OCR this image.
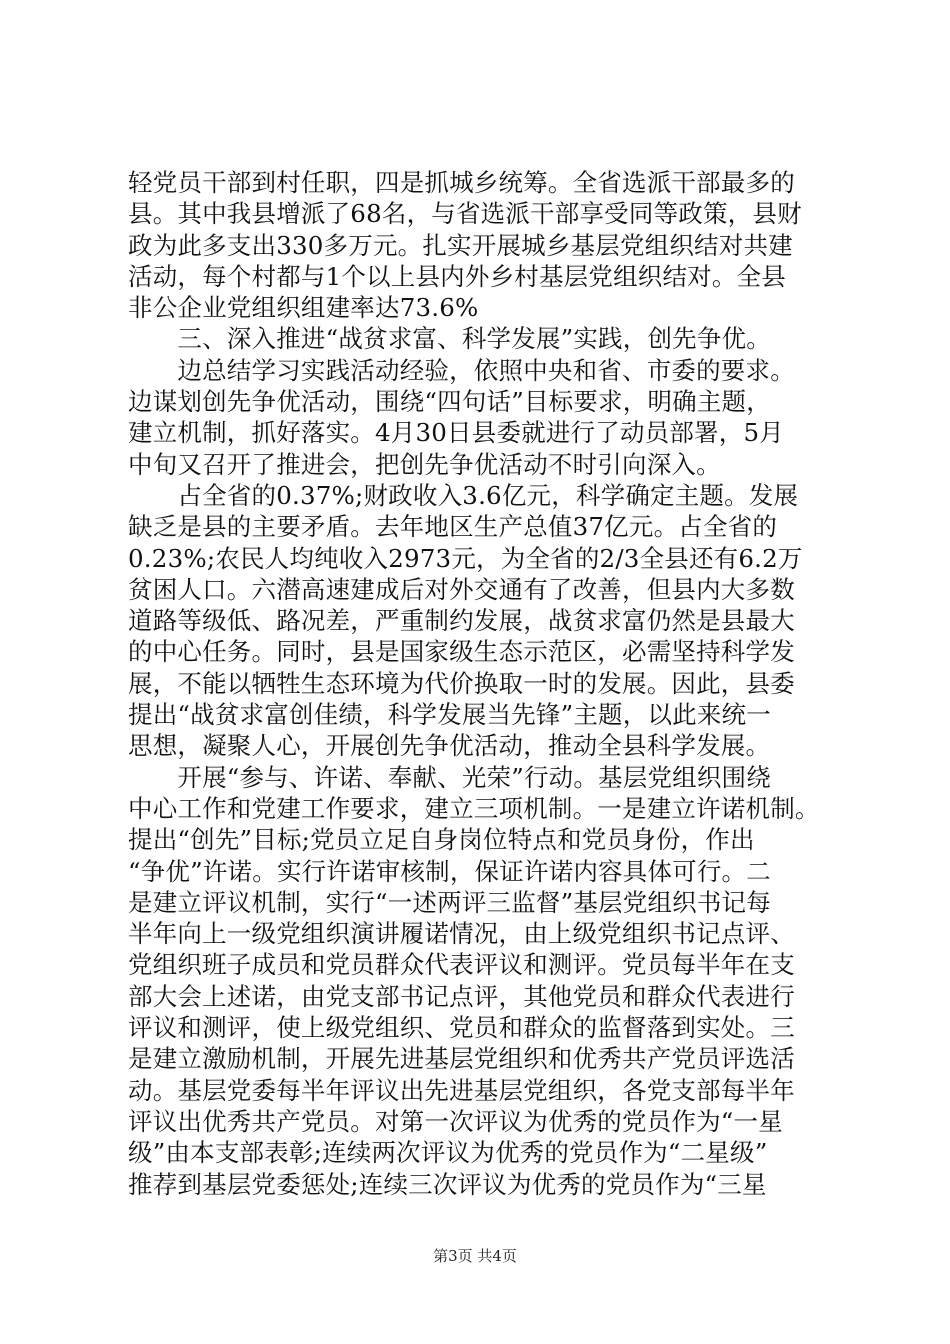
轻党员干部到村任职，四是抓城乡统筹。全省选派干部最多的
县。其中我县增派了68名，与省选派干部享受同等政策，县财
政为此多支出330多万元。扎实开展城乡基层党组织结对共建
活动，每个村都与1个以上县内外乡村基层党组织结对。全县
非公企业党组织组建率达73.6%
　　三、深入推进“战贫求富、科学发展”实践，创先争优。
　　边总结学习实践活动经验，依照中央和省、市委的要求。
边谋划创先争优活动，围绕“四句话”目标要求，明确主题，
建立机制，抓好落实。4月30日县委就进行了动员部署，5月
中旬又召开了推进会，把创先争优活动不时引向深入。
　　占全省的0.37%;财政收入3.6亿元，科学确定主题。发展
缺乏是县的主要矛盾。去年地区生产总值37亿元。占全省的
0.23%;农民人均纯收入2973元，为全省的2/3全县还有6.2万
贫困人口。六潜高速建成后对外交通有了改善，但县内大多数
道路等级低、路况差，严重制约发展，战贫求富仍然是县最大
的中心任务。同时，县是国家级生态示范区，必需坚持科学发
展，不能以牺牲生态环境为代价换取一时的发展。因此，县委
提出“战贫求富创佳绩，科学发展当先锋”主题，以此来统一
思想，凝聚人心，开展创先争优活动，推动全县科学发展。
　　开展“参与、许诺、奉献、光荣”行动。基层党组织围绕
中心工作和党建工作要求，建立三项机制。一是建立许诺机制。
提出“创先”目标;党员立足自身岗位特点和党员身份，作出
“争优”许诺。实行许诺审核制，保证许诺内容具体可行。二
是建立评议机制，实行“一述两评三监督”基层党组织书记每
半年向上一级党组织演讲履诺情况，由上级党组织书记点评、
党组织班子成员和党员群众代表评议和测评。党员每半年在支
部大会上述诺，由党支部书记点评，其他党员和群众代表进行
评议和测评，使上级党组织、党员和群众的监督落到实处。三
是建立激励机制，开展先进基层党组织和优秀共产党员评选活
动。基层党委每半年评议出先进基层党组织，各党支部每半年
评议出优秀共产党员。对第一次评议为优秀的党员作为“一星
级”由本支部表彰;连续两次评议为优秀的党员作为“二星级”
推荐到基层党委惩处;连续三次评议为优秀的党员作为“三星
第3页 共4页
